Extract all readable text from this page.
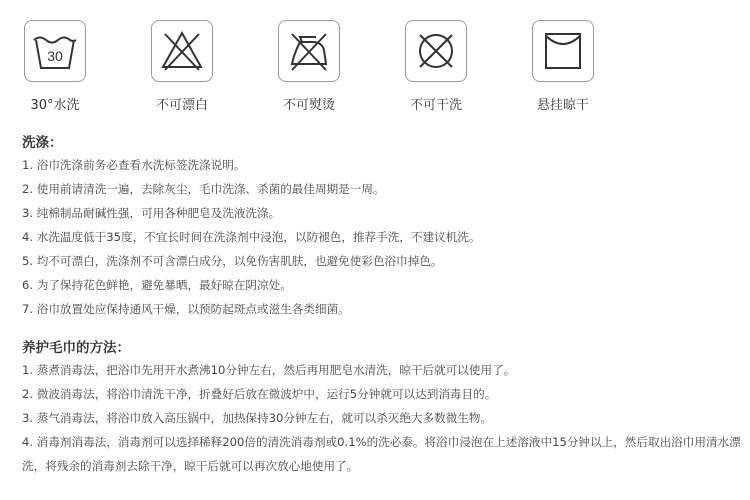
30
30°水洗	不可漂白	不可熨烫	不可干洗	悬挂晾干
洗涤：
1. 浴巾洗涤前务必查看水洗标签洗涤说明。
2. 使用前请清洗一遍，去除灰尘，毛巾洗涤、杀菌的最佳周期是一周。
3. 纯棉制品耐碱性强，可用各种肥皂及洗液洗涤。
4. 水洗温度低于35度，不宜长时间在洗涤剂中浸泡，以防褪色，推荐手洗，不建议机洗。
5. 均不可漂白，洗涤剂不可含漂白成分，以免伤害肌肤，也避免使彩色浴巾掉色。
6. 为了保持花色鲜艳，避免暴晒，最好晾在阴凉处。
7. 浴巾放置处应保持通风干燥，以预防起斑点或滋生各类细菌。
养护毛巾的方法：
1. 蒸煮消毒法，把浴巾先用开水煮沸10分钟左右，然后再用肥皂水清洗，晾干后就可以使用了。
2. 微波消毒法，将浴巾清洗干净，折叠好后放在微波炉中，运行5分钟就可以达到消毒目的。
3. 蒸气消毒法，将浴巾放入高压锅中，加热保持30分钟左右，就可以杀灭绝大多数微生物。
4. 消毒剂消毒法，消毒剂可以选择稀释200倍的清洗消毒剂或0.1%的洗必泰。将浴巾浸泡在上述溶液中15分钟以上，然后取出浴巾用清水漂洗，将残余的消毒剂去除干净，晾干后就可以再次放心地使用了。
